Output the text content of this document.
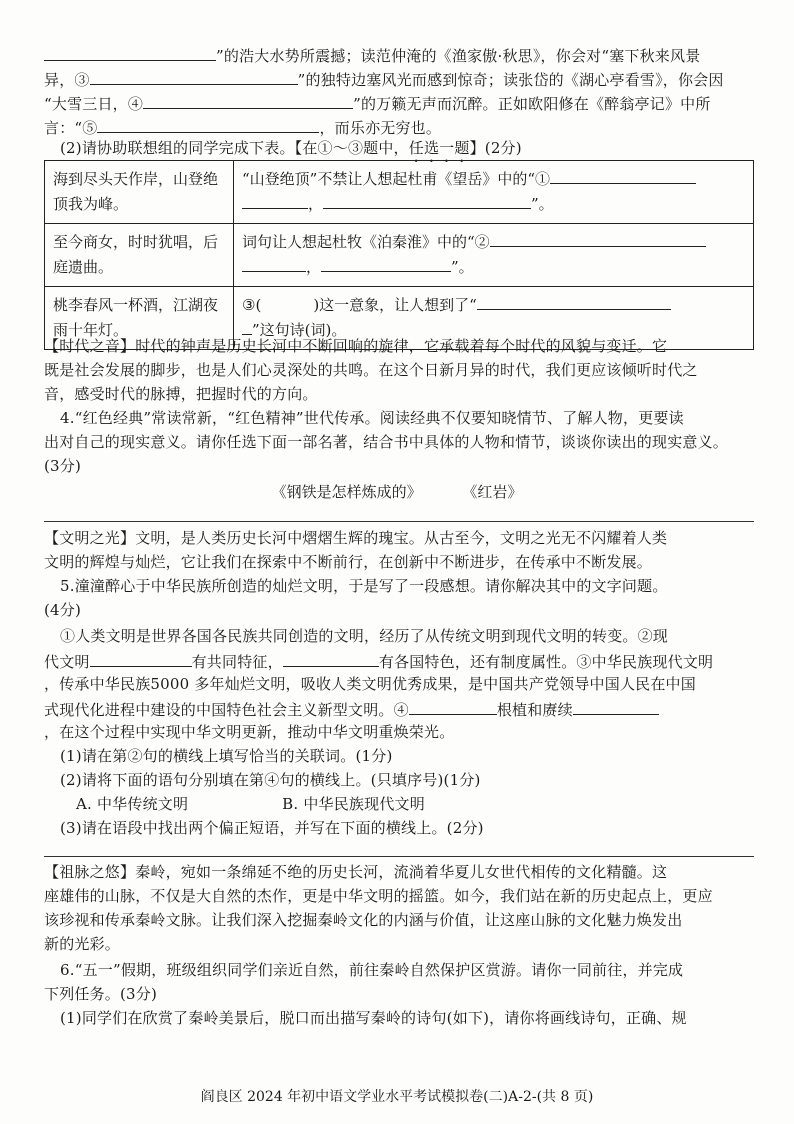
”的浩大水势所震撼；读范仲淹的《渔家傲·秋思》，你会对“塞下秋来风景
异，③	”的独特边塞风光而感到惊奇；读张岱的《湖心亭看雪》，你会因
“大雪三日，④	”的万籁无声而沉醉。正如欧阳修在《醉翁亭记》中所
言：“⑤	，而乐亦无穷也。
(2)请协助联想组的同学完成下表。【在①～③题中，任选一题】(2分)
海到尽头天作岸，山登绝顶我为峰。	“山登绝顶”不禁让人想起杜甫《望岳》中的“①
， ”。
至今商女，时时犹唱，后庭遗曲。	词句让人想起杜牧《泊秦淮》中的“②
， ”。
桃李春风一杯酒，江湖夜雨十年灯。	③( )这一意象，让人想到了“
”这句诗(词)。
【时代之音】时代的钟声是历史长河中不断回响的旋律，它承载着每个时代的风貌与变迁。它
既是社会发展的脚步，也是人们心灵深处的共鸣。在这个日新月异的时代，我们更应该倾听时代之
音，感受时代的脉搏，把握时代的方向。
4.“红色经典”常读常新，“红色精神”世代传承。阅读经典不仅要知晓情节、了解人物，更要读
出对自己的现实意义。请你任选下面一部名著，结合书中具体的人物和情节，谈谈你读出的现实意义。
(3分)
《钢铁是怎样炼成的》	《红岩》
【文明之光】文明，是人类历史长河中熠熠生辉的瑰宝。从古至今，文明之光无不闪耀着人类
文明的辉煌与灿烂，它让我们在探索中不断前行，在创新中不断进步，在传承中不断发展。
5.潼潼醉心于中华民族所创造的灿烂文明，于是写了一段感想。请你解决其中的文字问题。
(4分)
①人类文明是世界各国各民族共同创造的文明，经历了从传统文明到现代文明的转变。②现
代文明	有共同特征，	有各国特色，还有制度属性。③中华民族现代文明
，传承中华民族5000 多年灿烂文明，吸收人类文明优秀成果，是中国共产党领导中国人民在中国
式现代化进程中建设的中国特色社会主义新型文明。④	根植和赓续
，在这个过程中实现中华文明更新，推动中华文明重焕荣光。
(1)请在第②句的横线上填写恰当的关联词。(1分)
(2)请将下面的语句分别填在第④句的横线上。(只填序号)(1分)
A. 中华传统文明	B. 中华民族现代文明
(3)请在语段中找出两个偏正短语，并写在下面的横线上。(2分)
【祖脉之悠】秦岭，宛如一条绵延不绝的历史长河，流淌着华夏儿女世代相传的文化精髓。这
座雄伟的山脉，不仅是大自然的杰作，更是中华文明的摇篮。如今，我们站在新的历史起点上，更应
该珍视和传承秦岭文脉。让我们深入挖掘秦岭文化的内涵与价值，让这座山脉的文化魅力焕发出
新的光彩。
6.“五一”假期，班级组织同学们亲近自然，前往秦岭自然保护区赏游。请你一同前往，并完成
下列任务。(3分)
(1)同学们在欣赏了秦岭美景后，脱口而出描写秦岭的诗句(如下)，请你将画线诗句，正确、规
阎良区 2024 年初中语文学业水平考试模拟卷(二)A-2-(共 8 页)
